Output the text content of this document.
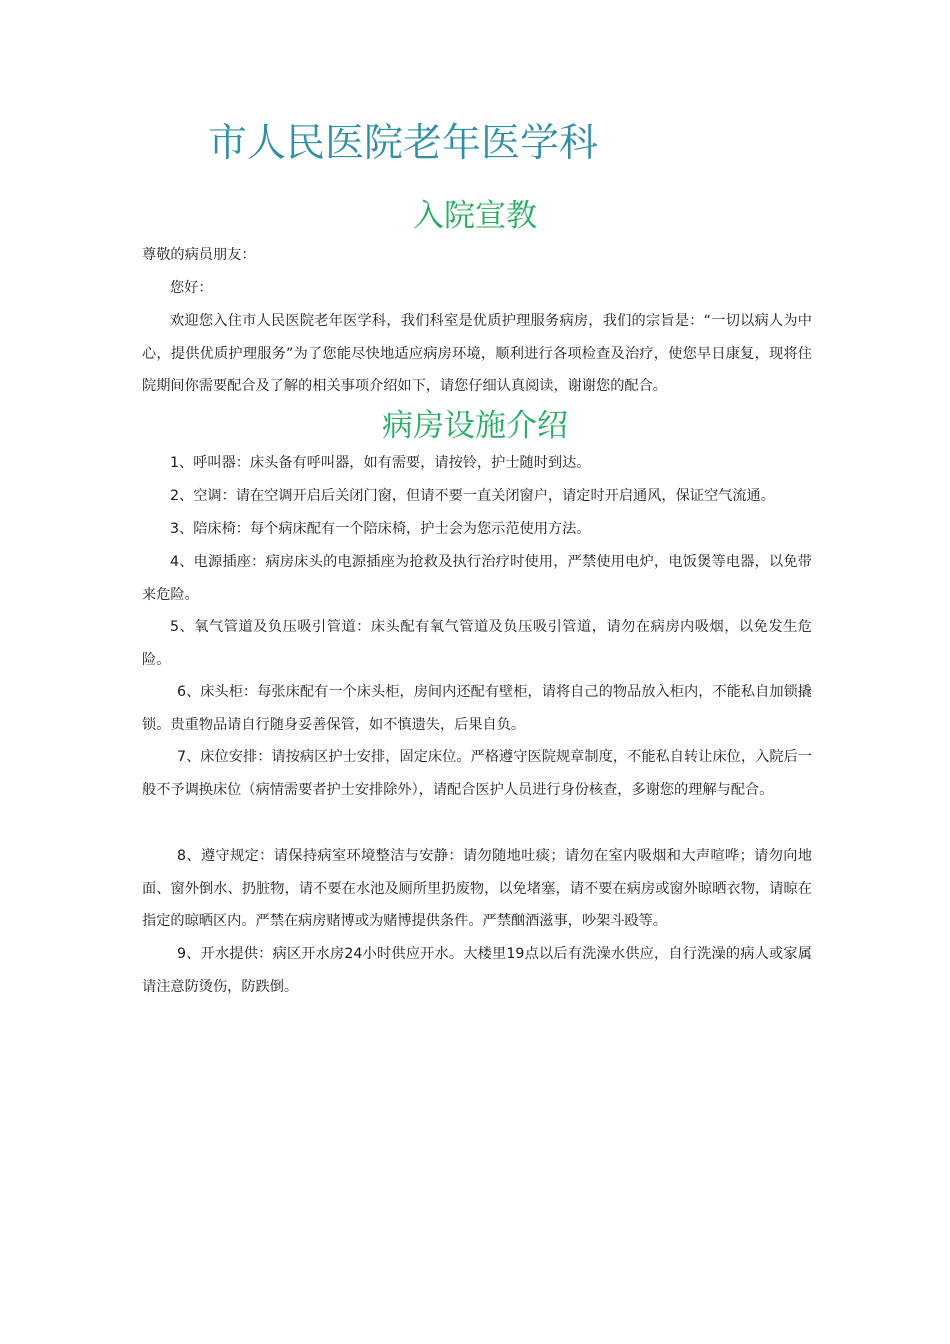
市人民医院老年医学科
入院宣教

尊敬的病员朋友：

您好：

欢迎您入住市人民医院老年医学科，我们科室是优质护理服务病房，我们的宗旨是：“一切以病人为中心，提供优质护理服务”为了您能尽快地适应病房环境，顺利进行各项检查及治疗，使您早日康复，现将住院期间你需要配合及了解的相关事项介绍如下，请您仔细认真阅读，谢谢您的配合。

病房设施介绍

1、呼叫器：床头备有呼叫器，如有需要，请按铃，护士随时到达。

2、空调：请在空调开启后关闭门窗，但请不要一直关闭窗户，请定时开启通风，保证空气流通。

3、陪床椅：每个病床配有一个陪床椅，护士会为您示范使用方法。

4、电源插座：病房床头的电源插座为抢救及执行治疗时使用，严禁使用电炉，电饭煲等电器，以免带来危险。

5、氧气管道及负压吸引管道：床头配有氧气管道及负压吸引管道，请勿在病房内吸烟，以免发生危险。

6、床头柜：每张床配有一个床头柜，房间内还配有壁柜，请将自己的物品放入柜内，不能私自加锁撬锁。贵重物品请自行随身妥善保管，如不慎遗失，后果自负。

7、床位安排：请按病区护士安排，固定床位。严格遵守医院规章制度，不能私自转让床位，入院后一般不予调换床位（病情需要者护士安排除外），请配合医护人员进行身份核查，多谢您的理解与配合。

8、遵守规定：请保持病室环境整洁与安静：请勿随地吐痰；请勿在室内吸烟和大声喧哗；请勿向地面、窗外倒水、扔脏物，请不要在水池及厕所里扔废物，以免堵塞，请不要在病房或窗外晾晒衣物，请晾在指定的晾晒区内。严禁在病房赌博或为赌博提供条件。严禁酗酒滋事，吵架斗殴等。

9、开水提供：病区开水房24小时供应开水。大楼里19点以后有洗澡水供应，自行洗澡的病人或家属请注意防烫伤，防跌倒。
